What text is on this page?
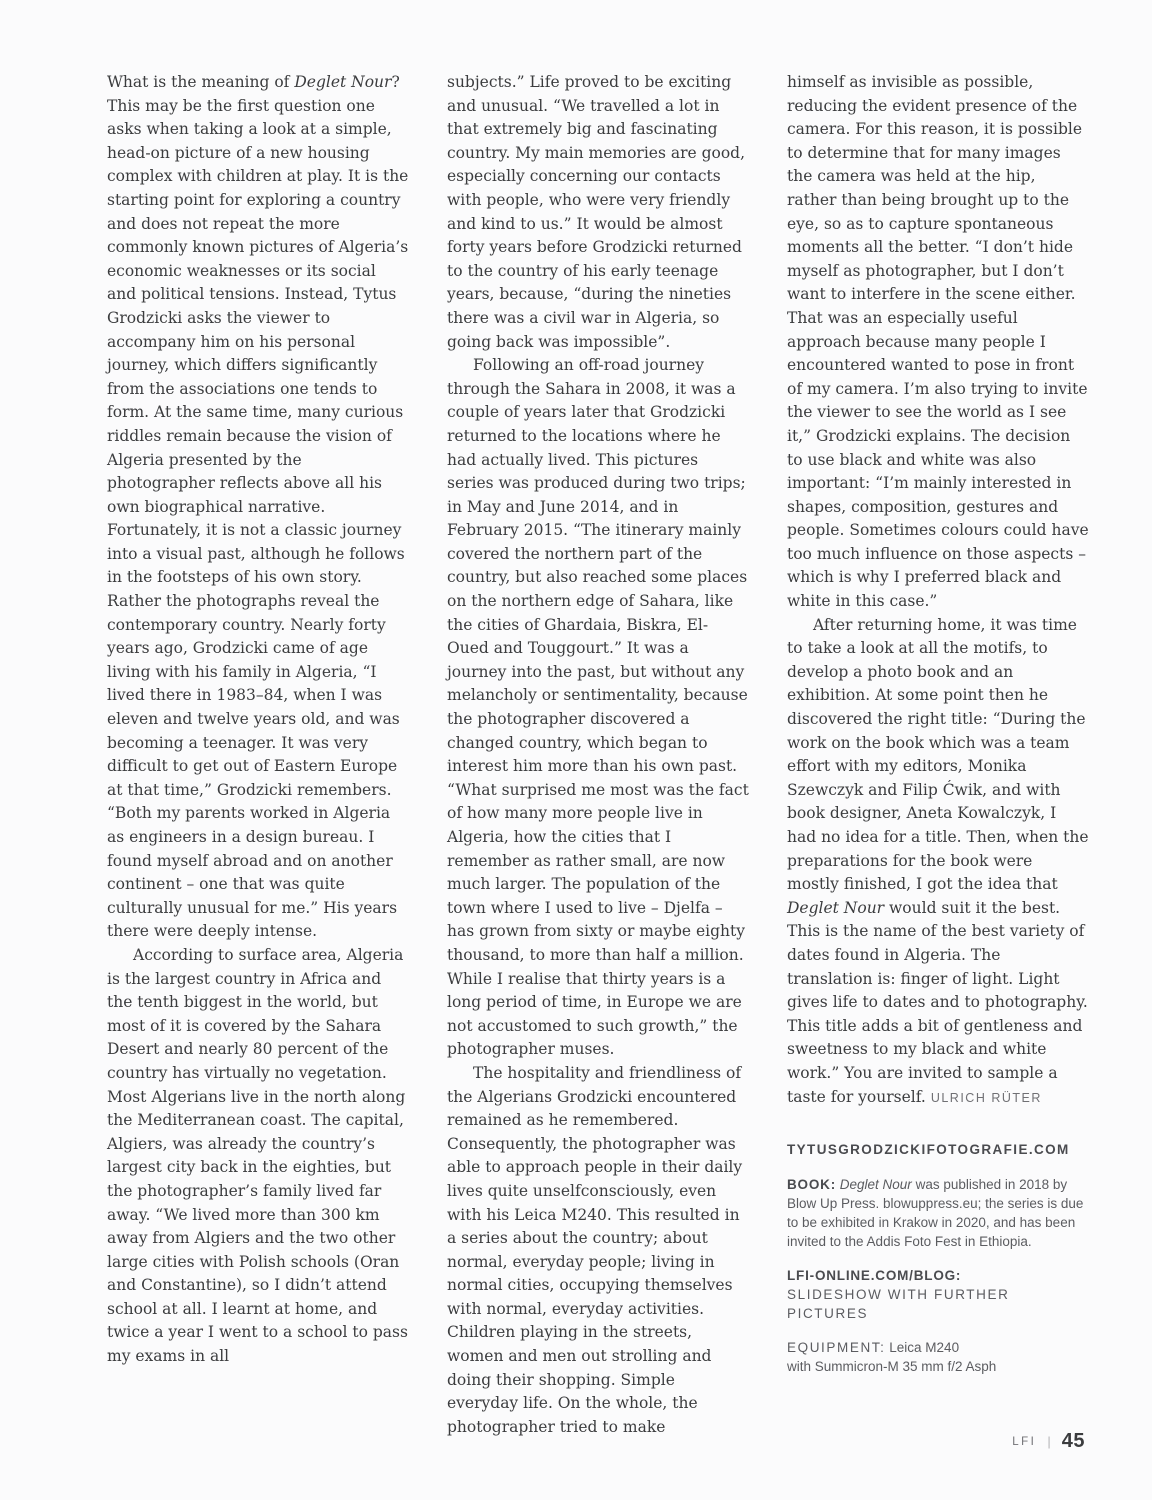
What is the meaning of Deglet Nour? This may be the first question one asks when taking a look at a simple, head-on picture of a new housing complex with children at play. It is the starting point for exploring a country and does not repeat the more commonly known pictures of Algeria’s economic weaknesses or its social and political tensions. Instead, Tytus Grodzicki asks the viewer to accompany him on his personal journey, which differs significantly from the associations one tends to form. At the same time, many curious riddles remain because the vision of Algeria presented by the photographer reflects above all his own biographical narrative. Fortunately, it is not a classic journey into a visual past, although he follows in the footsteps of his own story. Rather the photographs reveal the contemporary country. Nearly forty years ago, Grodzicki came of age living with his family in Algeria, “I lived there in 1983–84, when I was eleven and twelve years old, and was becoming a teenager. It was very difficult to get out of Eastern Europe at that time,” Grodzicki remembers. “Both my parents worked in Algeria as engineers in a design bureau. I found myself abroad and on another continent – one that was quite culturally unusual for me.” His years there were deeply intense.

According to surface area, Algeria is the largest country in Africa and the tenth biggest in the world, but most of it is covered by the Sahara Desert and nearly 80 percent of the country has virtually no vegetation. Most Algerians live in the north along the Mediterranean coast. The capital, Algiers, was already the country’s largest city back in the eighties, but the photographer’s family lived far away. “We lived more than 300 km away from Algiers and the two other large cities with Polish schools (Oran and Constantine), so I didn’t attend school at all. I learnt at home, and twice a year I went to a school to pass my exams in all

subjects.” Life proved to be exciting and unusual. “We travelled a lot in that extremely big and fascinating country. My main memories are good, especially concerning our contacts with people, who were very friendly and kind to us.” It would be almost forty years before Grodzicki returned to the country of his early teenage years, because, “during the nineties there was a civil war in Algeria, so going back was impossible”.

Following an off-road journey through the Sahara in 2008, it was a couple of years later that Grodzicki returned to the locations where he had actually lived. This pictures series was produced during two trips; in May and June 2014, and in February 2015. “The itinerary mainly covered the northern part of the country, but also reached some places on the northern edge of Sahara, like the cities of Ghardaia, Biskra, El-Oued and Touggourt.” It was a journey into the past, but without any melancholy or sentimentality, because the photographer discovered a changed country, which began to interest him more than his own past. “What surprised me most was the fact of how many more people live in Algeria, how the cities that I remember as rather small, are now much larger. The population of the town where I used to live – Djelfa – has grown from sixty or maybe eighty thousand, to more than half a million. While I realise that thirty years is a long period of time, in Europe we are not accustomed to such growth,” the photographer muses.

The hospitality and friendliness of the Algerians Grodzicki encountered remained as he remembered. Consequently, the photographer was able to approach people in their daily lives quite unselfconsciously, even with his Leica M240. This resulted in a series about the country; about normal, everyday people; living in normal cities, occupying themselves with normal, everyday activities. Children playing in the streets, women and men out strolling and doing their shopping. Simple everyday life. On the whole, the photographer tried to make

himself as invisible as possible, reducing the evident presence of the camera. For this reason, it is possible to determine that for many images the camera was held at the hip, rather than being brought up to the eye, so as to capture spontaneous moments all the better. “I don’t hide myself as photographer, but I don’t want to interfere in the scene either. That was an especially useful approach because many people I encountered wanted to pose in front of my camera. I’m also trying to invite the viewer to see the world as I see it,” Grodzicki explains. The decision to use black and white was also important: “I’m mainly interested in shapes, composition, gestures and people. Sometimes colours could have too much influence on those aspects – which is why I preferred black and white in this case.”

After returning home, it was time to take a look at all the motifs, to develop a photo book and an exhibition. At some point then he discovered the right title: “During the work on the book which was a team effort with my editors, Monika Szewczyk and Filip Ćwik, and with book designer, Aneta Kowalczyk, I had no idea for a title. Then, when the preparations for the book were mostly finished, I got the idea that Deglet Nour would suit it the best. This is the name of the best variety of dates found in Algeria. The translation is: finger of light. Light gives life to dates and to photography. This title adds a bit of gentleness and sweetness to my black and white work.” You are invited to sample a taste for yourself. ULRICH RÜTER

TYTUSGRODZICKIFOTOGRAFIE.COM

BOOK: Deglet Nour was published in 2018 by Blow Up Press. blowuppress.eu; the series is due to be exhibited in Krakow in 2020, and has been invited to the Addis Foto Fest in Ethiopia.

LFI-ONLINE.COM/BLOG:
SLIDESHOW WITH FURTHER PICTURES

EQUIPMENT: Leica M240
with Summicron-M 35 mm f/2 Asph

LFI | 45
